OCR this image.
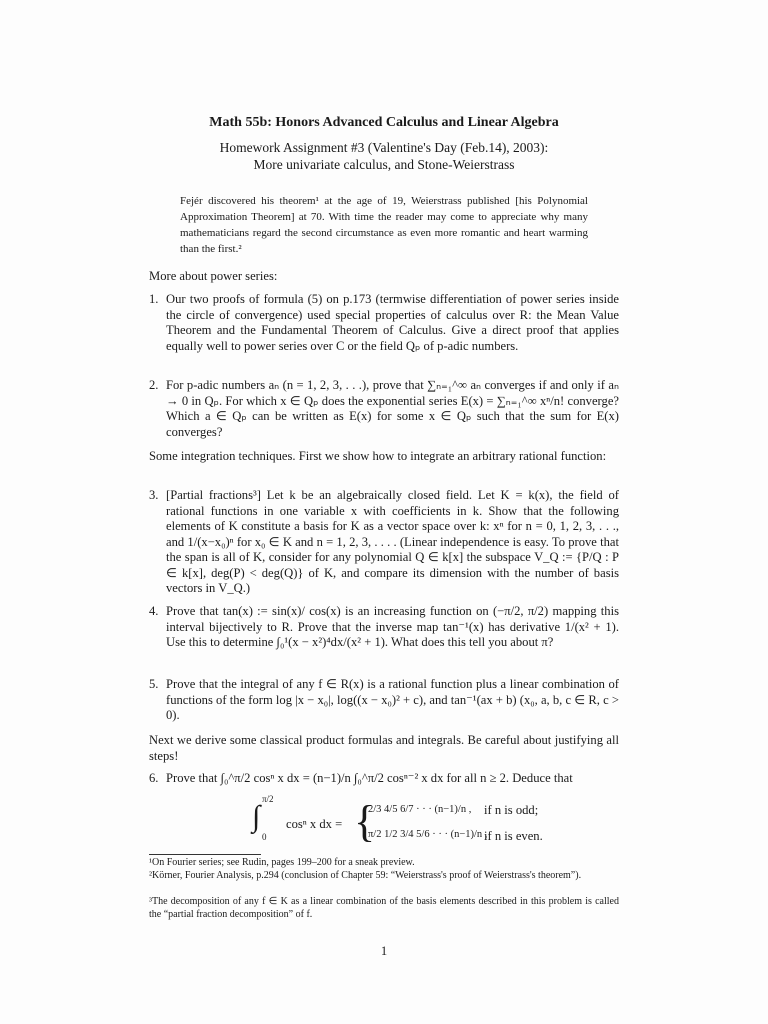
Math 55b: Honors Advanced Calculus and Linear Algebra
Homework Assignment #3 (Valentine's Day (Feb.14), 2003):
More univariate calculus, and Stone-Weierstrass
Fejér discovered his theorem¹ at the age of 19, Weierstrass published [his Polynomial Approximation Theorem] at 70. With time the reader may come to appreciate why many mathematicians regard the second circumstance as even more romantic and heart warming than the first.²
More about power series:
1. Our two proofs of formula (5) on p.173 (termwise differentiation of power series inside the circle of convergence) used special properties of calculus over R: the Mean Value Theorem and the Fundamental Theorem of Calculus. Give a direct proof that applies equally well to power series over C or the field Qₚ of p-adic numbers.
2. For p-adic numbers aₙ (n = 1, 2, 3, . . .), prove that ∑ₙ₌₁^∞ aₙ converges if and only if aₙ → 0 in Qₚ. For which x ∈ Qₚ does the exponential series E(x) = ∑ₙ₌₁^∞ xⁿ/n! converge? Which a ∈ Qₚ can be written as E(x) for some x ∈ Qₚ such that the sum for E(x) converges?
Some integration techniques. First we show how to integrate an arbitrary rational function:
3. [Partial fractions³] Let k be an algebraically closed field. Let K = k(x), the field of rational functions in one variable x with coefficients in k. Show that the following elements of K constitute a basis for K as a vector space over k: xⁿ for n = 0, 1, 2, 3, . . ., and 1/(x−x₀)ⁿ for x₀ ∈ K and n = 1, 2, 3, . . . . (Linear independence is easy. To prove that the span is all of K, consider for any polynomial Q ∈ k[x] the subspace V_Q := {P/Q : P ∈ k[x], deg(P) < deg(Q)} of K, and compare its dimension with the number of basis vectors in V_Q.)
4. Prove that tan(x) := sin(x)/ cos(x) is an increasing function on (−π/2, π/2) mapping this interval bijectively to R. Prove that the inverse map tan⁻¹(x) has derivative 1/(x² + 1). Use this to determine ∫₀¹(x − x²)⁴dx/(x² + 1). What does this tell you about π?
5. Prove that the integral of any f ∈ R(x) is a rational function plus a linear combination of functions of the form log |x − x₀|, log((x − x₀)² + c), and tan⁻¹(ax + b) (x₀, a, b, c ∈ R, c > 0).
Next we derive some classical product formulas and integrals. Be careful about justifying all steps!
6. Prove that ∫₀^π/2 cosⁿ x dx = (n−1)/n ∫₀^π/2 cosⁿ⁻² x dx for all n ≥ 2. Deduce that
∫
π/2
0
cosⁿ x dx = {
2/3 4/5 6/7 · · · (n−1)/n , if n is odd;
π/2 1/2 3/4 5/6 · · · (n−1)/n ,
if n is even.
¹On Fourier series; see Rudin, pages 199–200 for a sneak preview.
²Körner, Fourier Analysis, p.294 (conclusion of Chapter 59: “Weierstrass's proof of Weierstrass's theorem”).
³The decomposition of any f ∈ K as a linear combination of the basis elements described in this problem is called the “partial fraction decomposition” of f.
1
